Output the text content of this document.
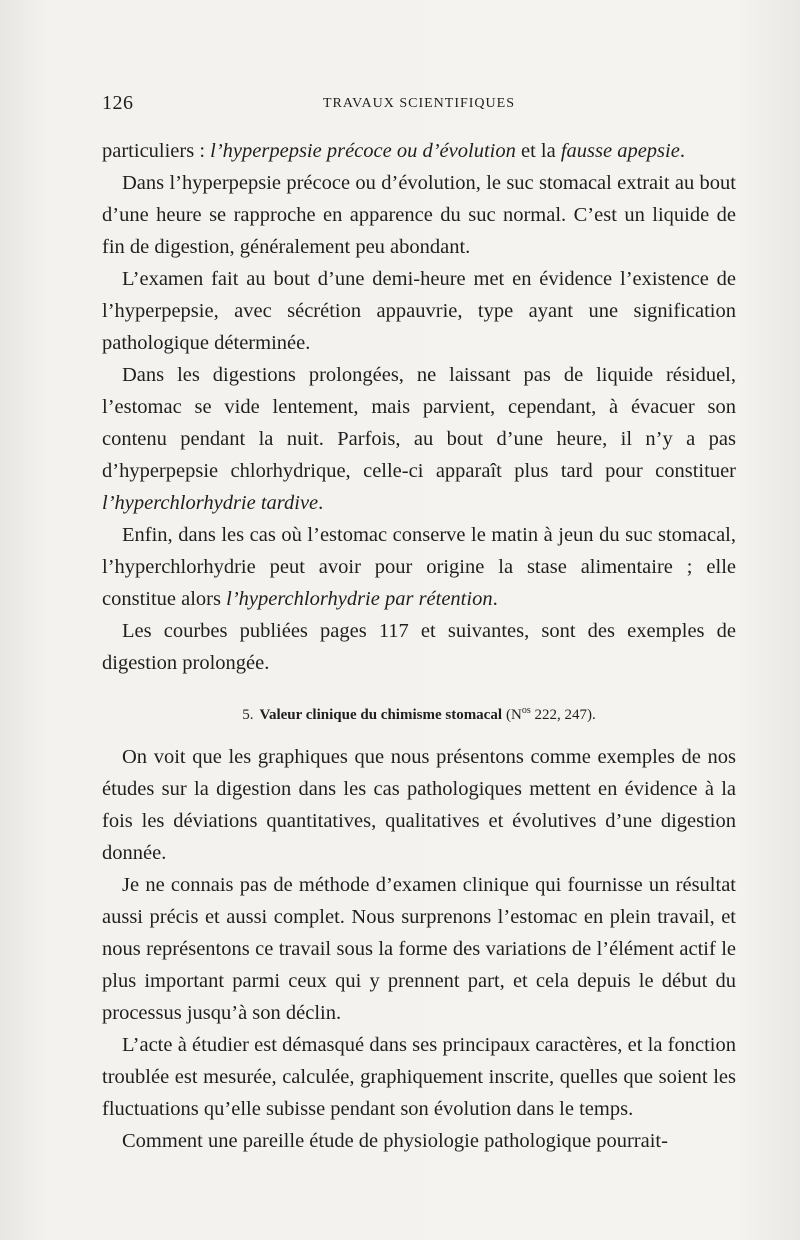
126	TRAVAUX SCIENTIFIQUES

particuliers : l’hyperpepsie précoce ou d’évolution et la fausse apepsie.

Dans l’hyperpepsie précoce ou d’évolution, le suc stomacal extrait au bout d’une heure se rapproche en apparence du suc normal. C’est un liquide de fin de digestion, généralement peu abondant.

L’examen fait au bout d’une demi-heure met en évidence l’existence de l’hyperpepsie, avec sécrétion appauvrie, type ayant une signification pathologique déterminée.

Dans les digestions prolongées, ne laissant pas de liquide résiduel, l’estomac se vide lentement, mais parvient, cependant, à évacuer son contenu pendant la nuit. Parfois, au bout d’une heure, il n’y a pas d’hyperpepsie chlorhydrique, celle-ci apparaît plus tard pour constituer l’hyperchlorhydrie tardive.

Enfin, dans les cas où l’estomac conserve le matin à jeun du suc stomacal, l’hyperchlorhydrie peut avoir pour origine la stase alimentaire ; elle constitue alors l’hyperchlorhydrie par rétention.

Les courbes publiées pages 117 et suivantes, sont des exemples de digestion prolongée.

5. Valeur clinique du chimisme stomacal ($N^{os}$ 222, 247).

On voit que les graphiques que nous présentons comme exemples de nos études sur la digestion dans les cas pathologiques mettent en évidence à la fois les déviations quantitatives, qualitatives et évolutives d’une digestion donnée.

Je ne connais pas de méthode d’examen clinique qui fournisse un résultat aussi précis et aussi complet. Nous surprenons l’estomac en plein travail, et nous représentons ce travail sous la forme des variations de l’élément actif le plus important parmi ceux qui y prennent part, et cela depuis le début du processus jusqu’à son déclin.

L’acte à étudier est démasqué dans ses principaux caractères, et la fonction troublée est mesurée, calculée, graphiquement inscrite, quelles que soient les fluctuations qu’elle subisse pendant son évolution dans le temps.

Comment une pareille étude de physiologie pathologique pourrait-
